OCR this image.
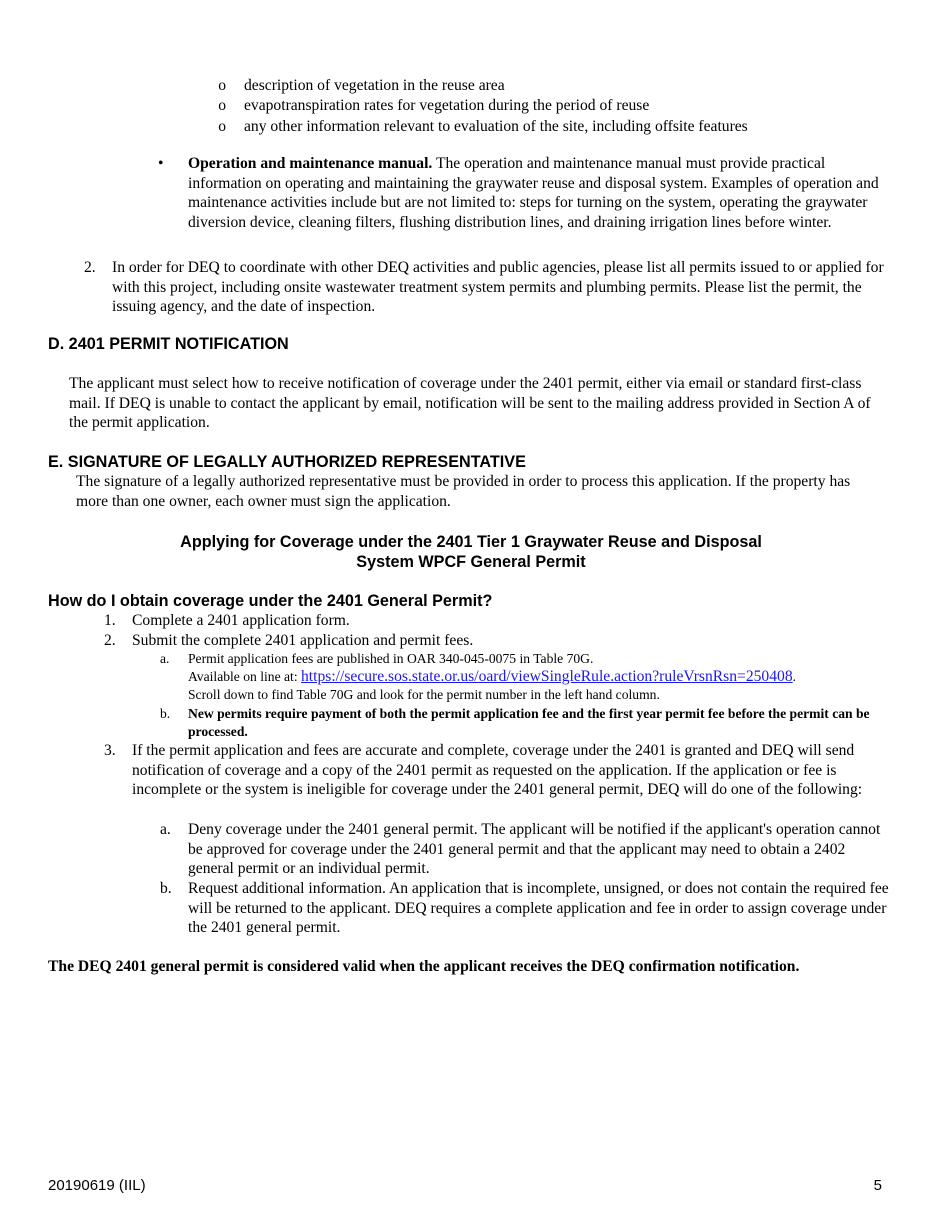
o description of vegetation in the reuse area
o evapotranspiration rates for vegetation during the period of reuse
o any other information relevant to evaluation of the site, including offsite features
•	Operation and maintenance manual. The operation and maintenance manual must provide practical information on operating and maintaining the graywater reuse and disposal system. Examples of operation and maintenance activities include but are not limited to: steps for turning on the system, operating the graywater diversion device, cleaning filters, flushing distribution lines, and draining irrigation lines before winter.
2.	In order for DEQ to coordinate with other DEQ activities and public agencies, please list all permits issued to or applied for with this project, including onsite wastewater treatment system permits and plumbing permits. Please list the permit, the issuing agency, and the date of inspection.
D. 2401 PERMIT NOTIFICATION
The applicant must select how to receive notification of coverage under the 2401 permit, either via email or standard first-class mail. If DEQ is unable to contact the applicant by email, notification will be sent to the mailing address provided in Section A of the permit application.
E. SIGNATURE OF LEGALLY AUTHORIZED REPRESENTATIVE
The signature of a legally authorized representative must be provided in order to process this application. If the property has more than one owner, each owner must sign the application.
Applying for Coverage under the 2401 Tier 1 Graywater Reuse and Disposal
System WPCF General Permit
How do I obtain coverage under the 2401 General Permit?
1.	Complete a 2401 application form.
2.	Submit the complete 2401 application and permit fees.
a.	Permit application fees are published in OAR 340-045-0075 in Table 70G.
Available on line at: https://secure.sos.state.or.us/oard/viewSingleRule.action?ruleVrsnRsn=250408.
Scroll down to find Table 70G and look for the permit number in the left hand column.
b.	New permits require payment of both the permit application fee and the first year permit fee before the permit can be processed.
3.	If the permit application and fees are accurate and complete, coverage under the 2401 is granted and DEQ will send notification of coverage and a copy of the 2401 permit as requested on the application. If the application or fee is incomplete or the system is ineligible for coverage under the 2401 general permit, DEQ will do one of the following:
a.	Deny coverage under the 2401 general permit. The applicant will be notified if the applicant's operation cannot be approved for coverage under the 2401 general permit and that the applicant may need to obtain a 2402 general permit or an individual permit.
b.	Request additional information. An application that is incomplete, unsigned, or does not contain the required fee will be returned to the applicant. DEQ requires a complete application and fee in order to assign coverage under the 2401 general permit.
The DEQ 2401 general permit is considered valid when the applicant receives the DEQ confirmation notification.
20190619 (IIL)	5
